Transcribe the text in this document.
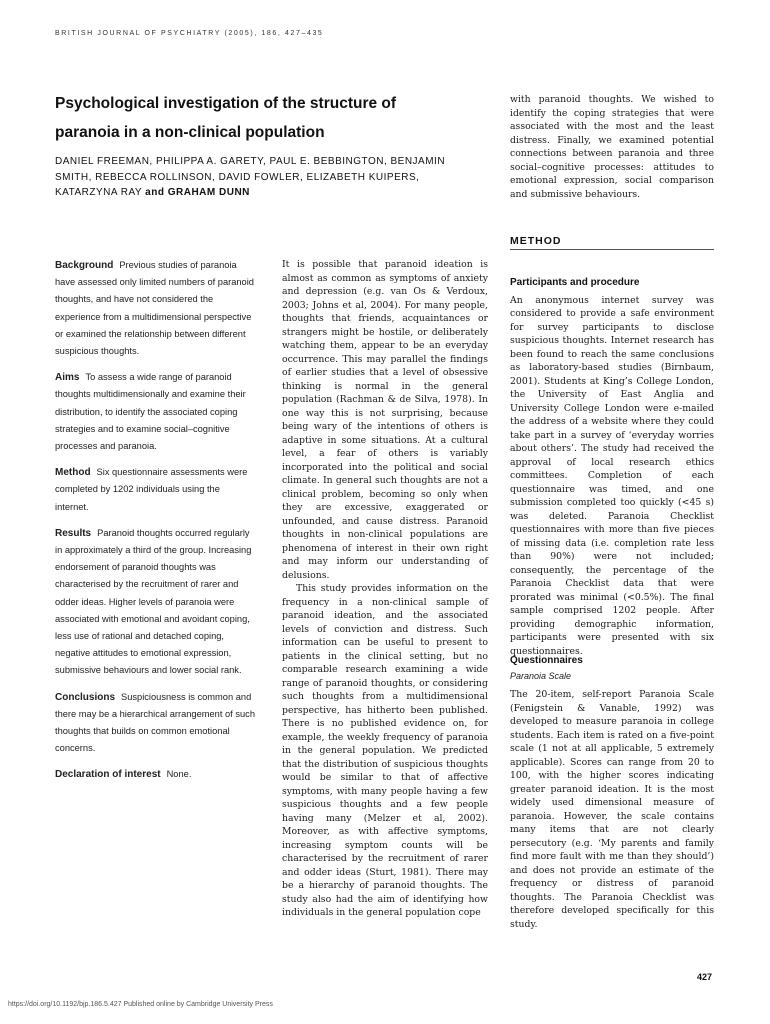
BRITISH JOURNAL OF PSYCHIATRY (2005), 186, 427–435
Psychological investigation of the structure of paranoia in a non-clinical population

DANIEL FREEMAN, PHILIPPA A. GARETY, PAUL E. BEBBINGTON, BENJAMIN SMITH, REBECCA ROLLINSON, DAVID FOWLER, ELIZABETH KUIPERS, KATARZYNA RAY and GRAHAM DUNN

Background Previous studies of paranoia have assessed only limited numbers of paranoid thoughts, and have not considered the experience from a multidimensional perspective or examined the relationship between different suspicious thoughts.

Aims To assess a wide range of paranoid thoughts multidimensionally and examine their distribution, to identify the associated coping strategies and to examine social–cognitive processes and paranoia.

Method Six questionnaire assessments were completed by 1202 individuals using the internet.

Results Paranoid thoughts occurred regularly in approximately a third of the group. Increasing endorsement of paranoid thoughts was characterised by the recruitment of rarer and odder ideas. Higher levels of paranoia were associated with emotional and avoidant coping, less use of rational and detached coping, negative attitudes to emotional expression, submissive behaviours and lower social rank.

Conclusions Suspiciousness is common and there may be a hierarchical arrangement of such thoughts that builds on common emotional concerns.

Declaration of interest None.

It is possible that paranoid ideation is almost as common as symptoms of anxiety and depression (e.g. van Os & Verdoux, 2003; Johns et al, 2004). For many people, thoughts that friends, acquaintances or strangers might be hostile, or deliberately watching them, appear to be an everyday occurrence. This may parallel the findings of earlier studies that a level of obsessive thinking is normal in the general population (Rachman & de Silva, 1978). In one way this is not surprising, because being wary of the intentions of others is adaptive in some situations. At a cultural level, a fear of others is variably incorporated into the political and social climate. In general such thoughts are not a clinical problem, becoming so only when they are excessive, exaggerated or unfounded, and cause distress. Paranoid thoughts in non-clinical populations are phenomena of interest in their own right and may inform our understanding of delusions.

This study provides information on the frequency in a non-clinical sample of paranoid ideation, and the associated levels of conviction and distress. Such information can be useful to present to patients in the clinical setting, but no comparable research examining a wide range of paranoid thoughts, or considering such thoughts from a multidimensional perspective, has hitherto been published. There is no published evidence on, for example, the weekly frequency of paranoia in the general population. We predicted that the distribution of suspicious thoughts would be similar to that of affective symptoms, with many people having a few suspicious thoughts and a few people having many (Melzer et al, 2002). Moreover, as with affective symptoms, increasing symptom counts will be characterised by the recruitment of rarer and odder ideas (Sturt, 1981). There may be a hierarchy of paranoid thoughts. The study also had the aim of identifying how individuals in the general population cope

with paranoid thoughts. We wished to identify the coping strategies that were associated with the most and the least distress. Finally, we examined potential connections between paranoia and three social–cognitive processes: attitudes to emotional expression, social comparison and submissive behaviours.

METHOD
Participants and procedure

An anonymous internet survey was considered to provide a safe environment for survey participants to disclose suspicious thoughts. Internet research has been found to reach the same conclusions as laboratory-based studies (Birnbaum, 2001). Students at King’s College London, the University of East Anglia and University College London were e-mailed the address of a website where they could take part in a survey of ‘everyday worries about others’. The study had received the approval of local research ethics committees. Completion of each questionnaire was timed, and one submission completed too quickly (<45 s) was deleted. Paranoia Checklist questionnaires with more than five pieces of missing data (i.e. completion rate less than 90%) were not included; consequently, the percentage of the Paranoia Checklist data that were prorated was minimal (<0.5%). The final sample comprised 1202 people. After providing demographic information, participants were presented with six questionnaires.

Questionnaires
Paranoia Scale

The 20-item, self-report Paranoia Scale (Fenigstein & Vanable, 1992) was developed to measure paranoia in college students. Each item is rated on a five-point scale (1 not at all applicable, 5 extremely applicable). Scores can range from 20 to 100, with the higher scores indicating greater paranoid ideation. It is the most widely used dimensional measure of paranoia. However, the scale contains many items that are not clearly persecutory (e.g. ‘My parents and family find more fault with me than they should’) and does not provide an estimate of the frequency or distress of paranoid thoughts. The Paranoia Checklist was therefore developed specifically for this study.

427
https://doi.org/10.1192/bjp.186.5.427 Published online by Cambridge University Press
